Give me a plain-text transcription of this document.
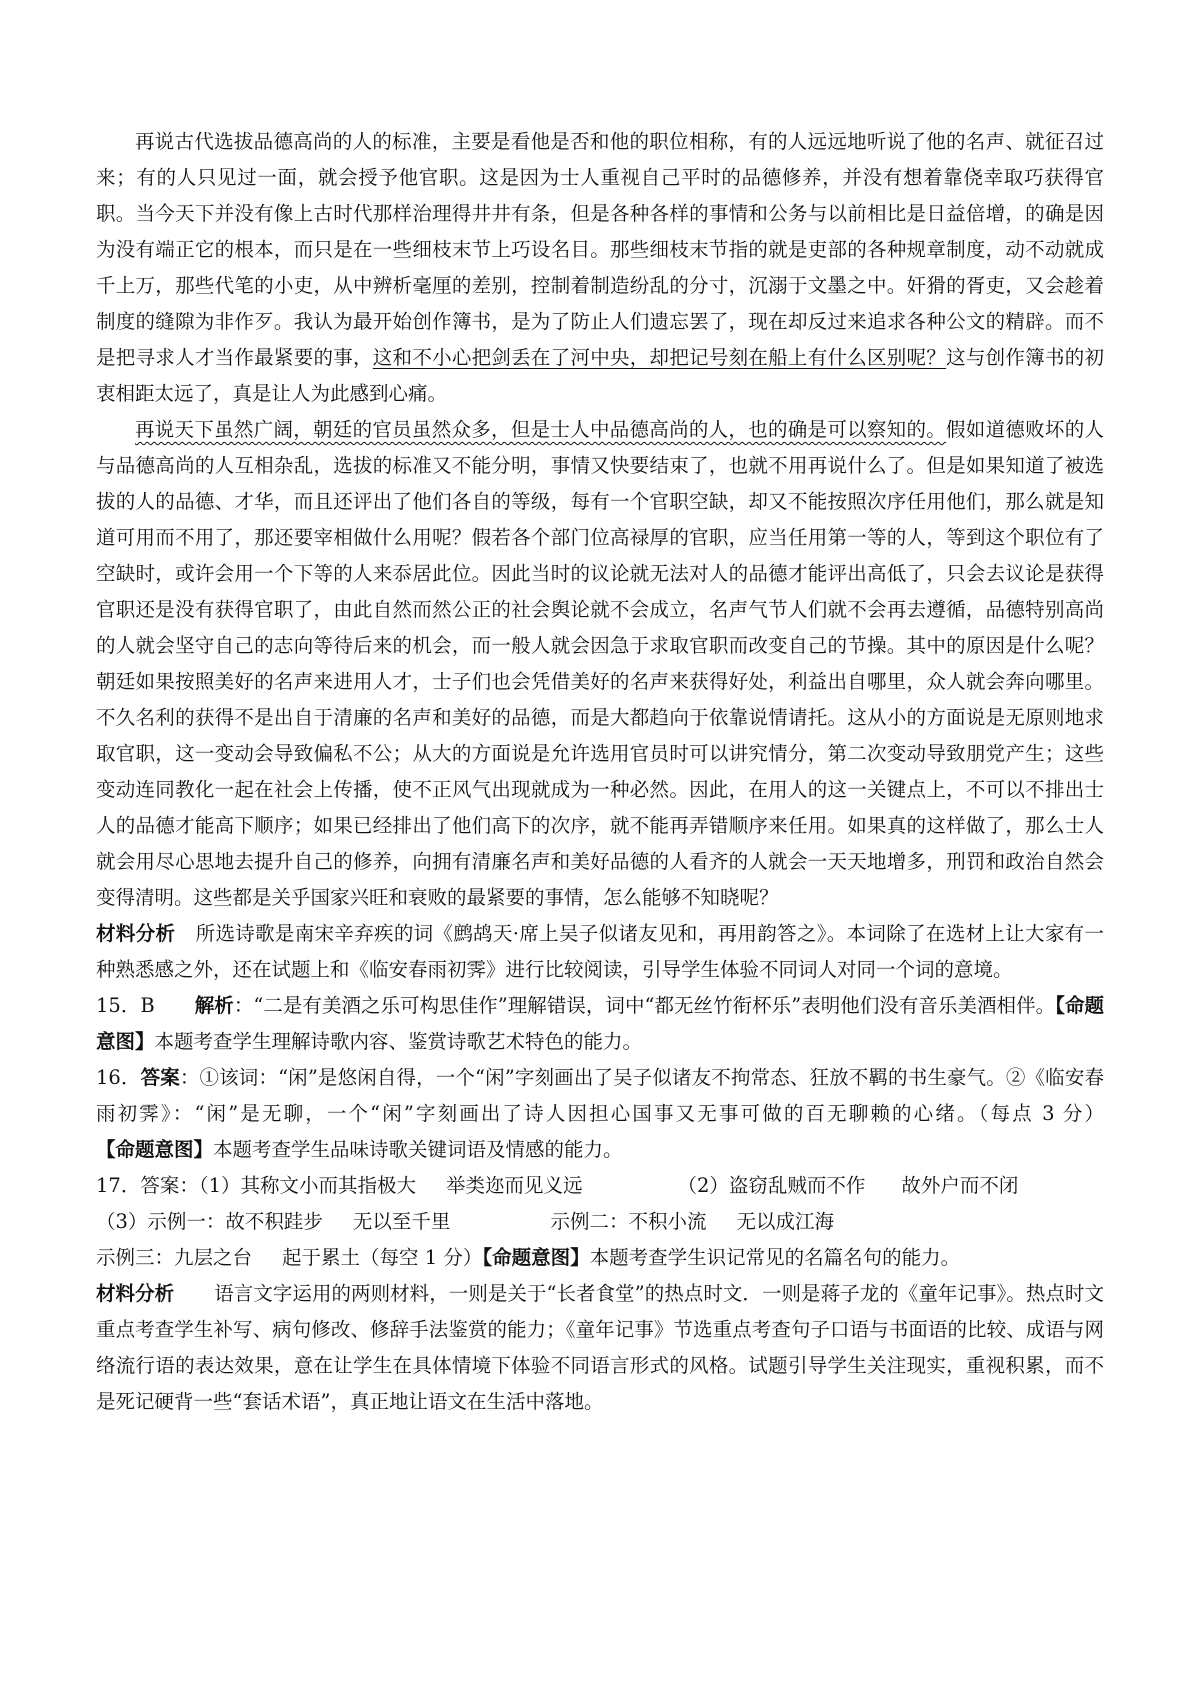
再说古代选拔品德高尚的人的标准，主要是看他是否和他的职位相称，有的人远远地听说了他的名声、就征召过来；有的人只见过一面，就会授予他官职。这是因为士人重视自己平时的品德修养，并没有想着靠侥幸取巧获得官职。当今天下并没有像上古时代那样治理得井井有条，但是各种各样的事情和公务与以前相比是日益倍增，的确是因为没有端正它的根本，而只是在一些细枝末节上巧设名目。那些细枝末节指的就是吏部的各种规章制度，动不动就成千上万，那些代笔的小吏，从中辨析毫厘的差别，控制着制造纷乱的分寸，沉溺于文墨之中。奸猾的胥吏，又会趁着制度的缝隙为非作歹。我认为最开始创作簿书，是为了防止人们遗忘罢了，现在却反过来追求各种公文的精辟。而不是把寻求人才当作最紧要的事，这和不小心把剑丢在了河中央，却把记号刻在船上有什么区别呢？这与创作簿书的初衷相距太远了，真是让人为此感到心痛。

再说天下虽然广阔，朝廷的官员虽然众多，但是士人中品德高尚的人，也的确是可以察知的。假如道德败坏的人与品德高尚的人互相杂乱，选拔的标准又不能分明，事情又快要结束了，也就不用再说什么了。但是如果知道了被选拔的人的品德、才华，而且还评出了他们各自的等级，每有一个官职空缺，却又不能按照次序任用他们，那么就是知道可用而不用了，那还要宰相做什么用呢？假若各个部门位高禄厚的官职，应当任用第一等的人，等到这个职位有了空缺时，或许会用一个下等的人来忝居此位。因此当时的议论就无法对人的品德才能评出高低了，只会去议论是获得官职还是没有获得官职了，由此自然而然公正的社会舆论就不会成立，名声气节人们就不会再去遵循，品德特别高尚的人就会坚守自己的志向等待后来的机会，而一般人就会因急于求取官职而改变自己的节操。其中的原因是什么呢？朝廷如果按照美好的名声来进用人才，士子们也会凭借美好的名声来获得好处，利益出自哪里，众人就会奔向哪里。不久名利的获得不是出自于清廉的名声和美好的品德，而是大都趋向于依靠说情请托。这从小的方面说是无原则地求取官职，这一变动会导致偏私不公；从大的方面说是允许选用官员时可以讲究情分，第二次变动导致朋党产生；这些变动连同教化一起在社会上传播，使不正风气出现就成为一种必然。因此，在用人的这一关键点上，不可以不排出士人的品德才能高下顺序；如果已经排出了他们高下的次序，就不能再弄错顺序来任用。如果真的这样做了，那么士人就会用尽心思地去提升自己的修养，向拥有清廉名声和美好品德的人看齐的人就会一天天地增多，刑罚和政治自然会变得清明。这些都是关乎国家兴旺和衰败的最紧要的事情，怎么能够不知晓呢？

材料分析 所选诗歌是南宋辛弃疾的词《鹧鸪天·席上吴子似诸友见和，再用韵答之》。本词除了在选材上让大家有一种熟悉感之外，还在试题上和《临安春雨初霁》进行比较阅读，引导学生体验不同词人对同一个词的意境。

15．B 解析：“二是有美酒之乐可构思佳作”理解错误，词中“都无丝竹衔杯乐”表明他们没有音乐美酒相伴。【命题意图】本题考查学生理解诗歌内容、鉴赏诗歌艺术特色的能力。

16．答案：①该词：“闲”是悠闲自得，一个“闲”字刻画出了吴子似诸友不拘常态、狂放不羁的书生豪气。②《临安春雨初霁》：“闲”是无聊，一个“闲”字刻画出了诗人因担心国事又无事可做的百无聊赖的心绪。（每点 3 分）【命题意图】本题考查学生品味诗歌关键词语及情感的能力。

17．答案：（1）其称文小而其指极大 举类迩而见义远	（2）盗窃乱贼而不作 故外户而不闭

（3）示例一：故不积跬步 无以至千里	示例二：不积小流 无以成江海

示例三：九层之台 起于累土（每空 1 分）【命题意图】本题考查学生识记常见的名篇名句的能力。

材料分析 语言文字运用的两则材料，一则是关于“长者食堂”的热点时文．一则是蒋子龙的《童年记事》。热点时文重点考查学生补写、病句修改、修辞手法鉴赏的能力；《童年记事》节选重点考查句子口语与书面语的比较、成语与网络流行语的表达效果，意在让学生在具体情境下体验不同语言形式的风格。试题引导学生关注现实，重视积累，而不是死记硬背一些“套话术语”，真正地让语文在生活中落地。
